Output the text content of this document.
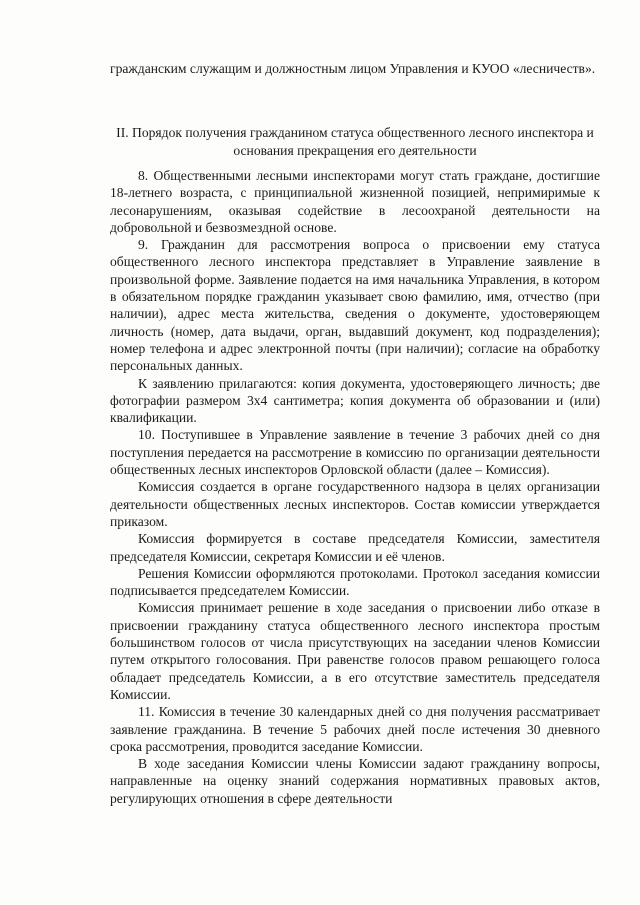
гражданским служащим и должностным лицом Управления и КУОО «лесничеств».

II. Порядок получения гражданином статуса общественного лесного инспектора и основания прекращения его деятельности

8. Общественными лесными инспекторами могут стать граждане, достигшие 18-летнего возраста, с принципиальной жизненной позицией, непримиримые к лесонарушениям, оказывая содействие в лесоохраной деятельности на добровольной и безвозмездной основе.

9. Гражданин для рассмотрения вопроса о присвоении ему статуса общественного лесного инспектора представляет в Управление заявление в произвольной форме. Заявление подается на имя начальника Управления, в котором в обязательном порядке гражданин указывает свою фамилию, имя, отчество (при наличии), адрес места жительства, сведения о документе, удостоверяющем личность (номер, дата выдачи, орган, выдавший документ, код подразделения); номер телефона и адрес электронной почты (при наличии); согласие на обработку персональных данных.

К заявлению прилагаются: копия документа, удостоверяющего личность; две фотографии размером 3х4 сантиметра; копия документа об образовании и (или) квалификации.

10. Поступившее в Управление заявление в течение 3 рабочих дней со дня поступления передается на рассмотрение в комиссию по организации деятельности общественных лесных инспекторов Орловской области (далее – Комиссия).

Комиссия создается в органе государственного надзора в целях организации деятельности общественных лесных инспекторов. Состав комиссии утверждается приказом.

Комиссия формируется в составе председателя Комиссии, заместителя председателя Комиссии, секретаря Комиссии и её членов.

Решения Комиссии оформляются протоколами. Протокол заседания комиссии подписывается председателем Комиссии.

Комиссия принимает решение в ходе заседания о присвоении либо отказе в присвоении гражданину статуса общественного лесного инспектора простым большинством голосов от числа присутствующих на заседании членов Комиссии путем открытого голосования. При равенстве голосов правом решающего голоса обладает председатель Комиссии, а в его отсутствие заместитель председателя Комиссии.

11. Комиссия в течение 30 календарных дней со дня получения рассматривает заявление гражданина. В течение 5 рабочих дней после истечения 30 дневного срока рассмотрения, проводится заседание Комиссии.

В ходе заседания Комиссии члены Комиссии задают гражданину вопросы, направленные на оценку знаний содержания нормативных правовых актов, регулирующих отношения в сфере деятельности
